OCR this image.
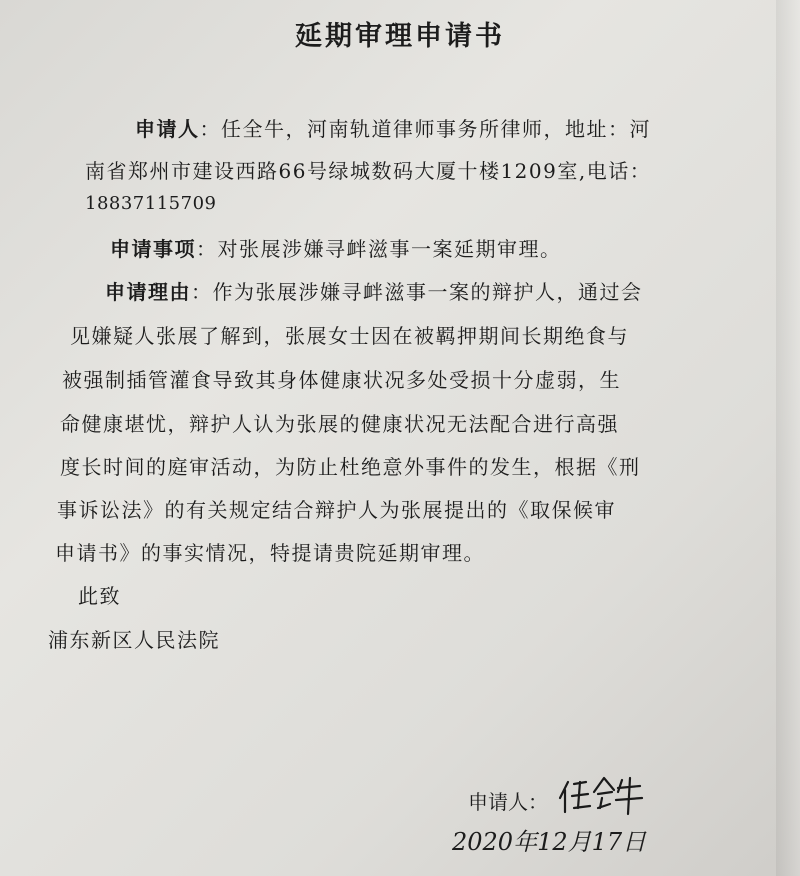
延期审理申请书
申请人：任全牛，河南轨道律师事务所律师，地址：河
南省郑州市建设西路66号绿城数码大厦十楼1209室,电话：
18837115709
申请事项：对张展涉嫌寻衅滋事一案延期审理。
申请理由：作为张展涉嫌寻衅滋事一案的辩护人，通过会
见嫌疑人张展了解到，张展女士因在被羁押期间长期绝食与
被强制插管灌食导致其身体健康状况多处受损十分虚弱，生
命健康堪忧，辩护人认为张展的健康状况无法配合进行高强
度长时间的庭审活动，为防止杜绝意外事件的发生，根据《刑
事诉讼法》的有关规定结合辩护人为张展提出的《取保候审
申请书》的事实情况，特提请贵院延期审理。
此致
浦东新区人民法院
申请人：
2020年12月17日
